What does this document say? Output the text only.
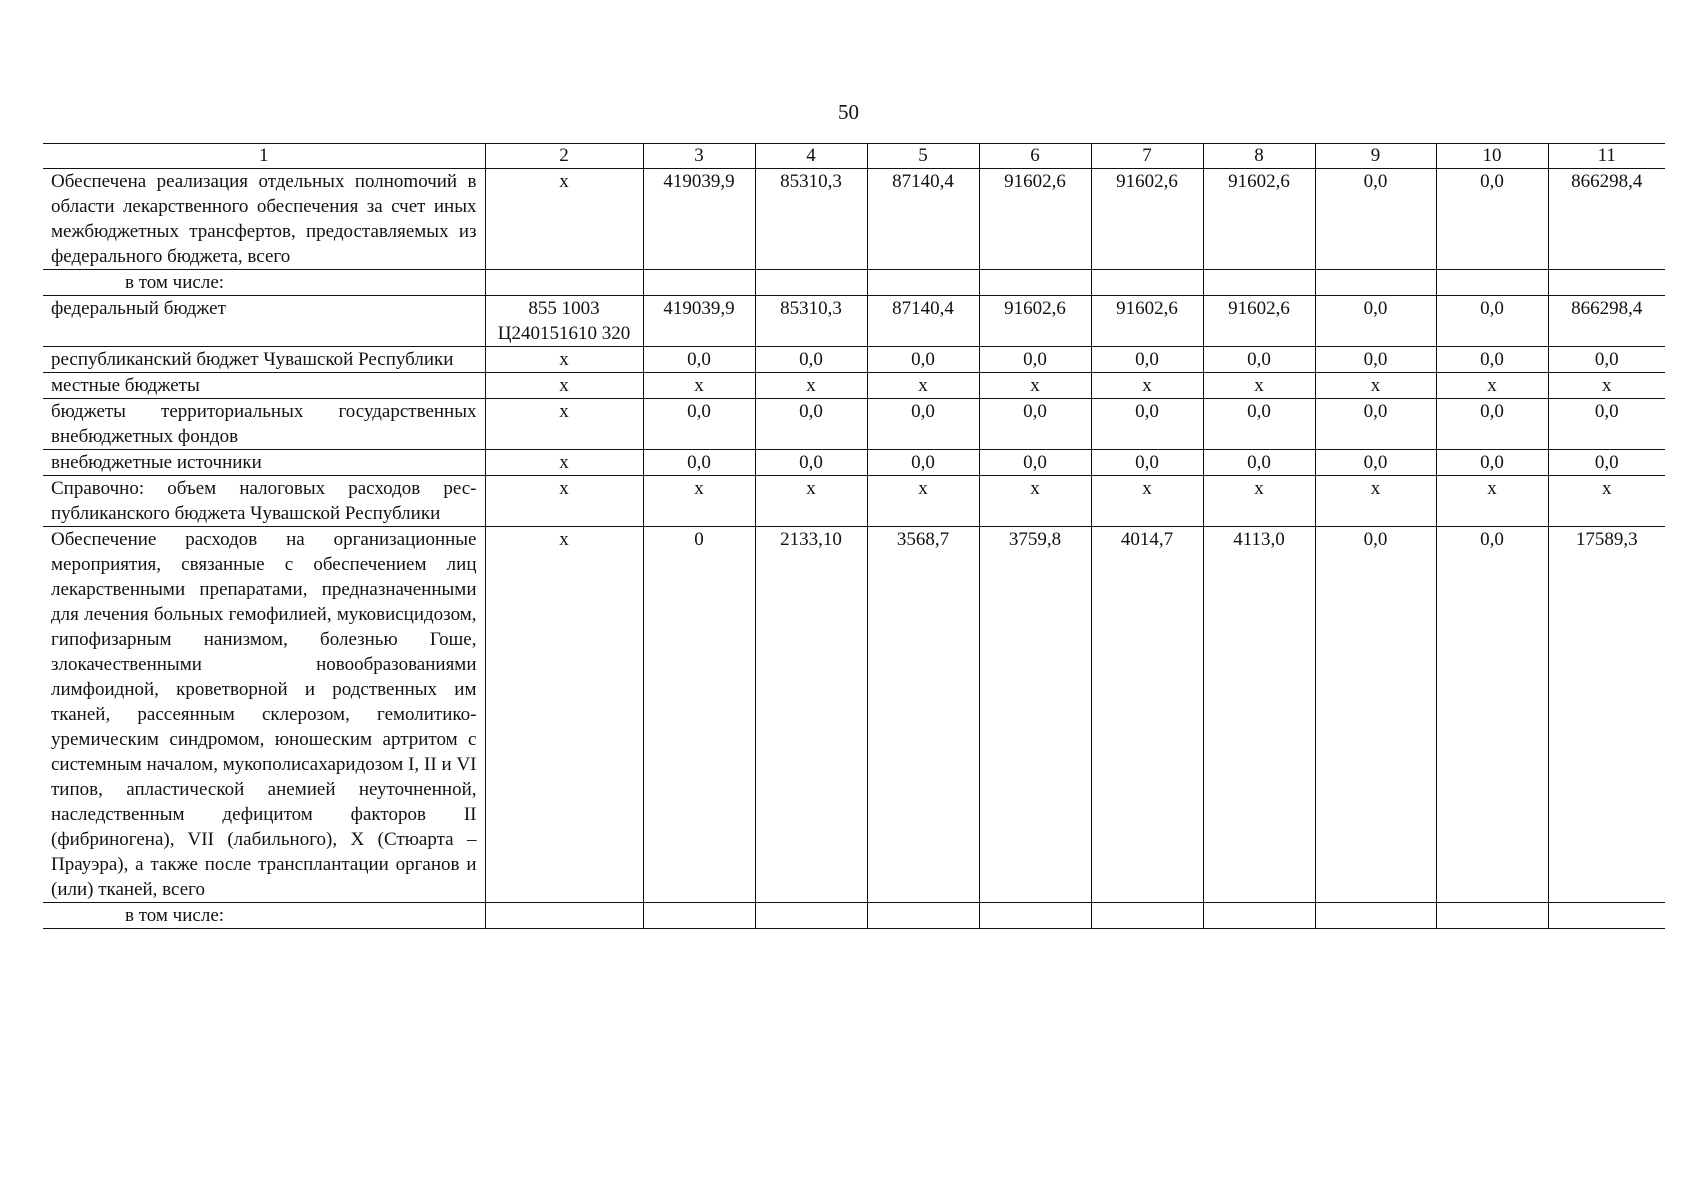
50
1	2	3	4	5	6	7	8	9	10	11
Обеспечена реализация отдельных полноmочий в области лекарственного обеспечения за счет иных межбюджетных трансфертов, предоставляемых из федерального бюджета, всего	х	419039,9	85310,3	87140,4	91602,6	91602,6	91602,6	0,0	0,0	866298,4
в том числе:										
федеральный бюджет	855 1003 Ц240151610 320	419039,9	85310,3	87140,4	91602,6	91602,6	91602,6	0,0	0,0	866298,4
республиканский бюджет Чувашской Республики	х	0,0	0,0	0,0	0,0	0,0	0,0	0,0	0,0	0,0
местные бюджеты	х	х	х	х	х	х	х	х	х	х
бюджеты территориальных государственных внебюджетных фондов	х	0,0	0,0	0,0	0,0	0,0	0,0	0,0	0,0	0,0
внебюджетные источники	х	0,0	0,0	0,0	0,0	0,0	0,0	0,0	0,0	0,0
Справочно: объем налоговых расходов республиканского бюджета Чувашской Республики	х	х	х	х	х	х	х	х	х	х
Обеспечение расходов на организационные мероприятия, связанные с обеспечением лиц лекарственными препаратами, предназначенными для лечения больных гемофилией, муковисцидозом, гипофизарным нанизмом, болезнью Гоше, злокачественными новообразованиями лимфоидной, кроветворной и родственных им тканей, рассеянным склерозом, гемолитико-уремическим синдромом, юношеским артритом с системным началом, мукополисахаридозом I, II и VI типов, апластической анемией неуточненной, наследственным дефицитом факторов II (фибриногена), VII (лабильного), X (Стюарта – Прауэра), а также после трансплантации органов и (или) тканей, всего	х	0	2133,10	3568,7	3759,8	4014,7	4113,0	0,0	0,0	17589,3
в том числе:										
